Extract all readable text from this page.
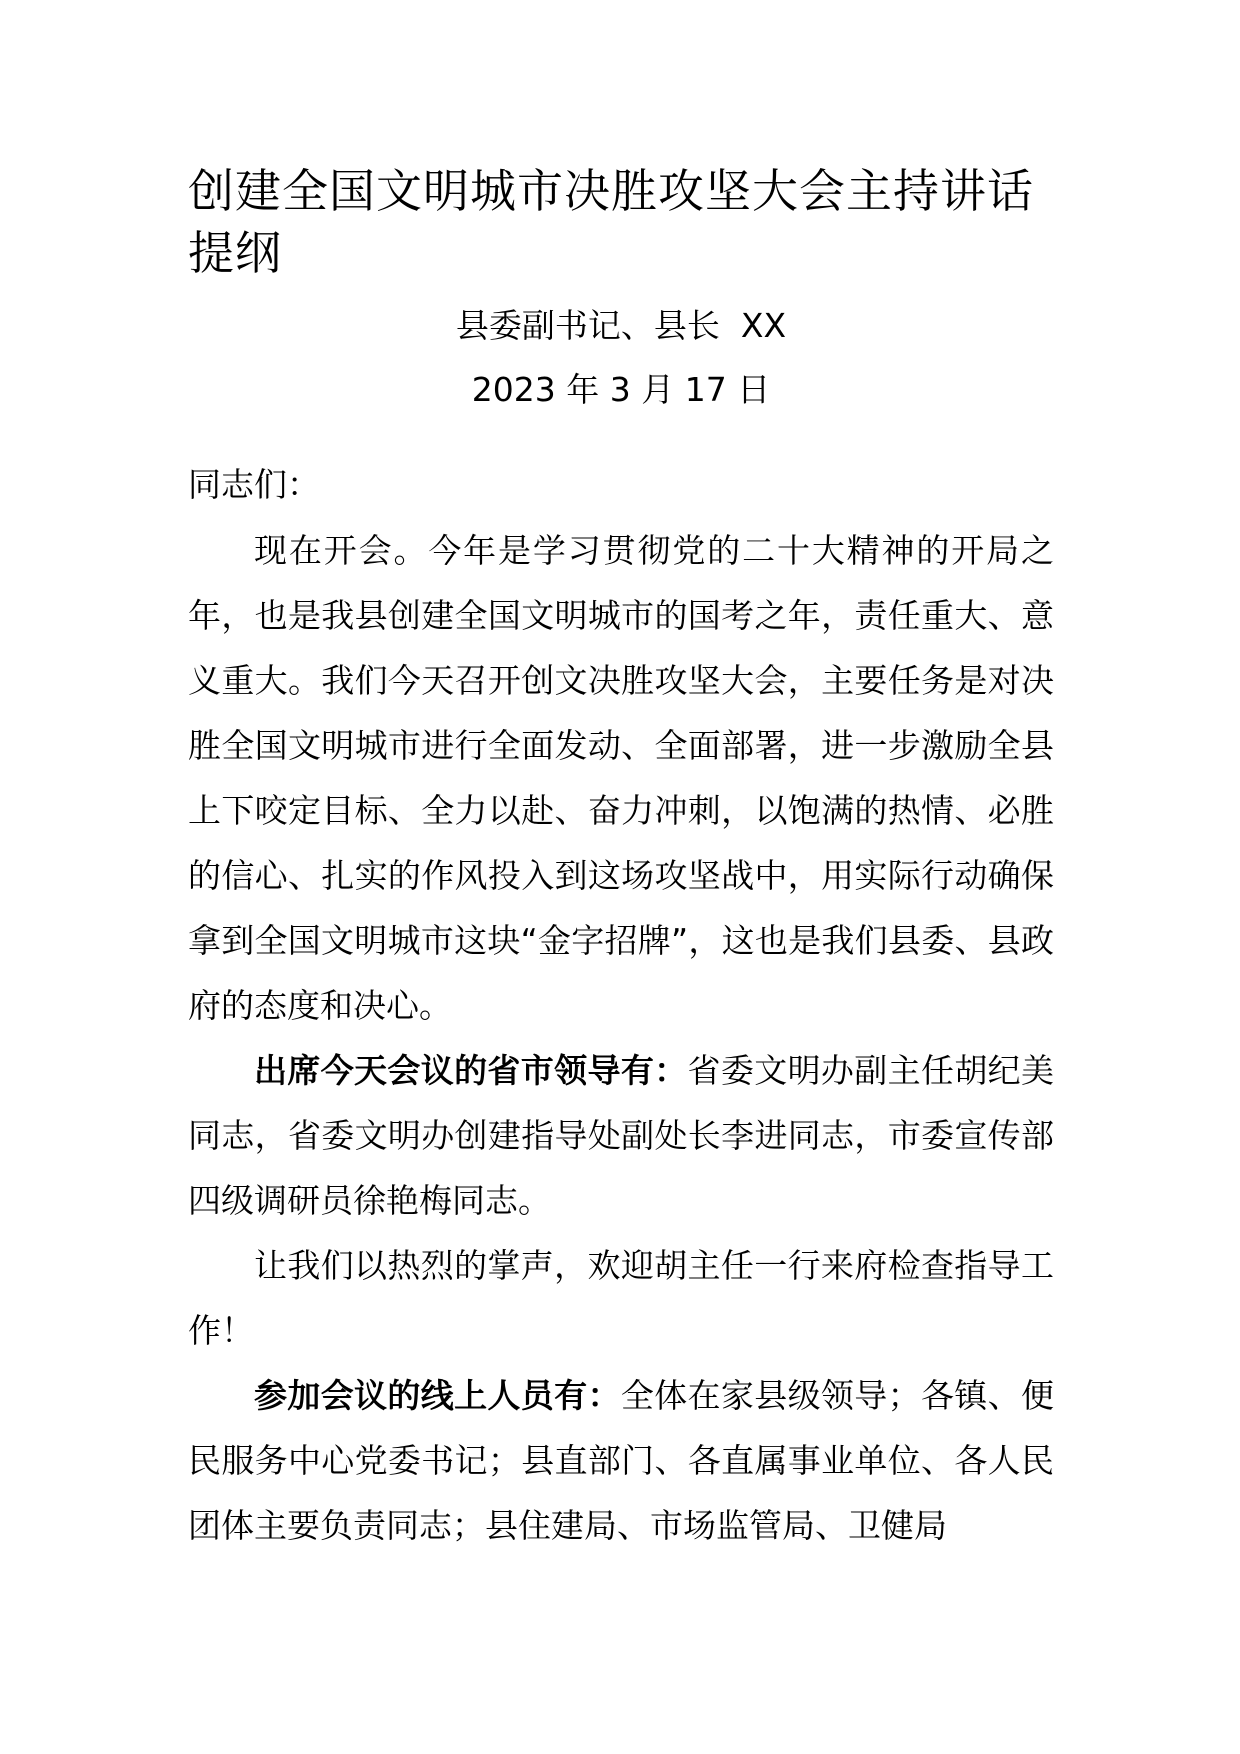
创建全国文明城市决胜攻坚大会主持讲话提纲
县委副书记、县长  XX
2023 年 3 月 17 日

同志们：

现在开会。今年是学习贯彻党的二十大精神的开局之年，也是我县创建全国文明城市的国考之年，责任重大、意义重大。我们今天召开创文决胜攻坚大会，主要任务是对决胜全国文明城市进行全面发动、全面部署，进一步激励全县上下咬定目标、全力以赴、奋力冲刺，以饱满的热情、必胜的信心、扎实的作风投入到这场攻坚战中，用实际行动确保拿到全国文明城市这块“金字招牌”，这也是我们县委、县政府的态度和决心。

出席今天会议的省市领导有：省委文明办副主任胡纪美同志，省委文明办创建指导处副处长李进同志，市委宣传部四级调研员徐艳梅同志。

让我们以热烈的掌声，欢迎胡主任一行来府检查指导工作！

参加会议的线上人员有：全体在家县级领导；各镇、便民服务中心党委书记；县直部门、各直属事业单位、各人民团体主要负责同志；县住建局、市场监管局、卫健局
